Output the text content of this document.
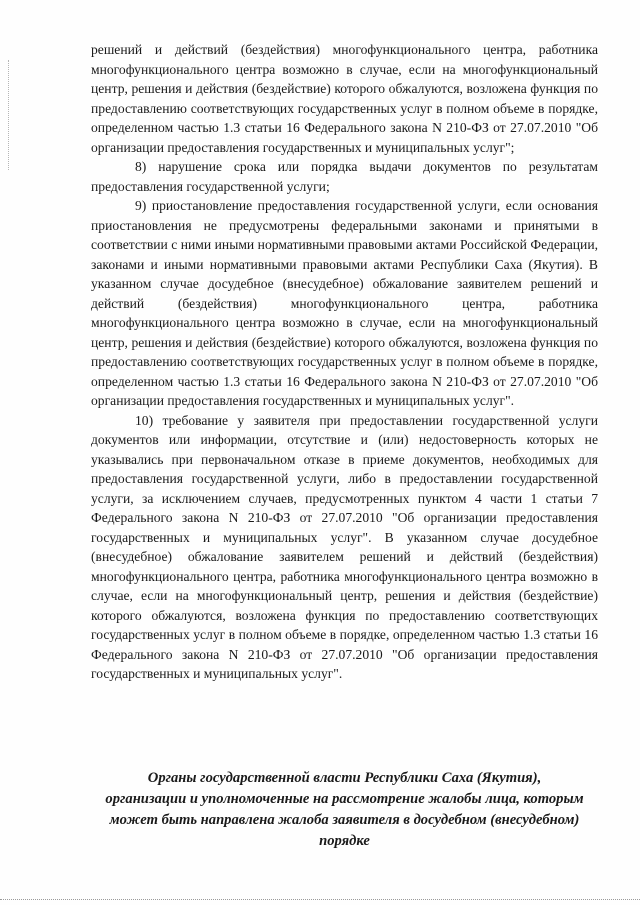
решений и действий (бездействия) многофункционального центра, работника многофункционального центра возможно в случае, если на многофункциональный центр, решения и действия (бездействие) которого обжалуются, возложена функция по предоставлению соответствующих государственных услуг в полном объеме в порядке, определенном частью 1.3 статьи 16 Федерального закона N 210-ФЗ от 27.07.2010 "Об организации предоставления государственных и муниципальных услуг";

8) нарушение срока или порядка выдачи документов по результатам предоставления государственной услуги;

9) приостановление предоставления государственной услуги, если основания приостановления не предусмотрены федеральными законами и принятыми в соответствии с ними иными нормативными правовыми актами Российской Федерации, законами и иными нормативными правовыми актами Республики Саха (Якутия). В указанном случае досудебное (внесудебное) обжалование заявителем решений и действий (бездействия) многофункционального центра, работника многофункционального центра возможно в случае, если на многофункциональный центр, решения и действия (бездействие) которого обжалуются, возложена функция по предоставлению соответствующих государственных услуг в полном объеме в порядке, определенном частью 1.3 статьи 16 Федерального закона N 210-ФЗ от 27.07.2010 "Об организации предоставления государственных и муниципальных услуг".

10) требование у заявителя при предоставлении государственной услуги документов или информации, отсутствие и (или) недостоверность которых не указывались при первоначальном отказе в приеме документов, необходимых для предоставления государственной услуги, либо в предоставлении государственной услуги, за исключением случаев, предусмотренных пунктом 4 части 1 статьи 7 Федерального закона N 210-ФЗ от 27.07.2010 "Об организации предоставления государственных и муниципальных услуг". В указанном случае досудебное (внесудебное) обжалование заявителем решений и действий (бездействия) многофункционального центра, работника многофункционального центра возможно в случае, если на многофункциональный центр, решения и действия (бездействие) которого обжалуются, возложена функция по предоставлению соответствующих государственных услуг в полном объеме в порядке, определенном частью 1.3 статьи 16 Федерального закона N 210-ФЗ от 27.07.2010 "Об организации предоставления государственных и муниципальных услуг".

Органы государственной власти Республики Саха (Якутия),
организации и уполномоченные на рассмотрение жалобы лица, которым
может быть направлена жалоба заявителя в досудебном (внесудебном)
порядке
